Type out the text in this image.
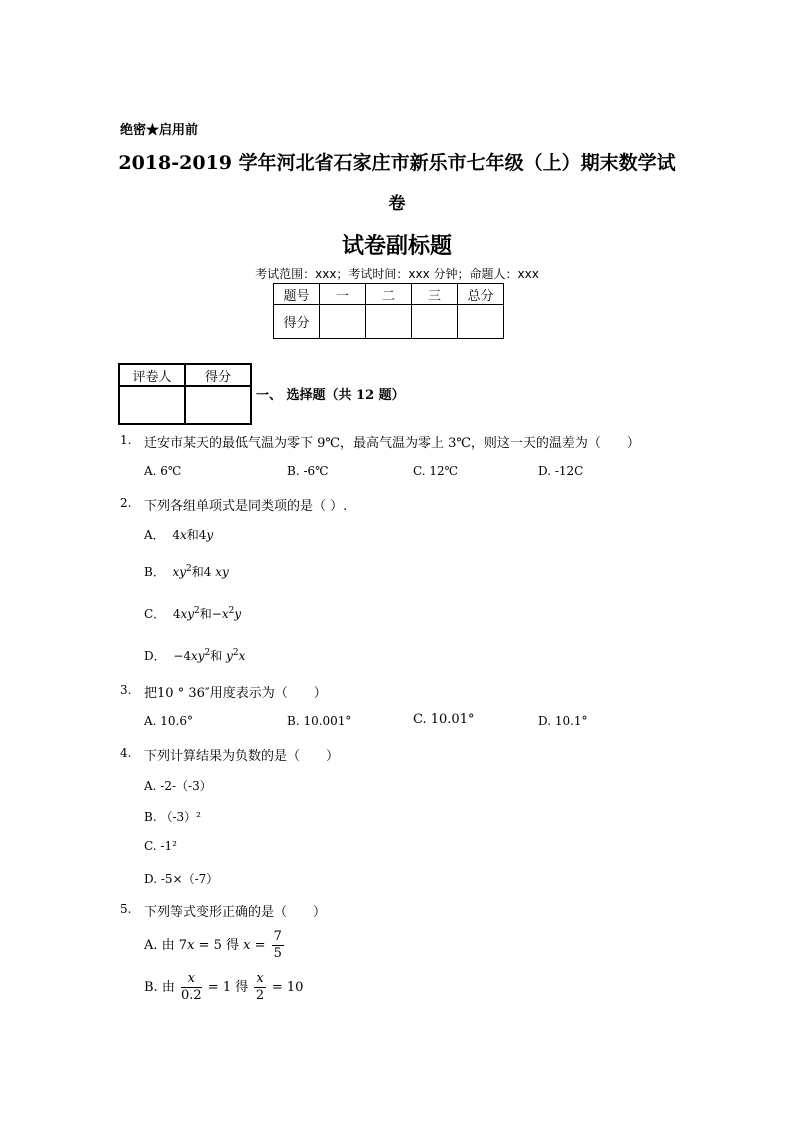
绝密★启用前
2018-2019 学年河北省石家庄市新乐市七年级（上）期末数学试
卷
试卷副标题
考试范围：xxx；考试时间：xxx 分钟；命题人：xxx
题号	一	二	三	总分
得分				
评卷人	得分

一、 选择题（共 12 题）
1. 迁安市某天的最低气温为零下 9℃，最高气温为零上 3℃，则这一天的温差为（　　）
A. 6℃	B. -6℃	C. 12℃	D. -12C
2. 下列各组单项式是同类项的是（ ）.
A． 4x和4y
B． $xy^2$和4 xy
C． $4xy^2$和$-x^2y$
D． $-4xy^2$和 $y^2x$
3. 把10 ° 36″用度表示为（　　）
A. 10.6°	B. 10.001°	C. 10.01°	D. 10.1°
4. 下列计算结果为负数的是（　　）
A. -2-（-3）
B. （-3）²
C. -1²
D. -5×（-7）
5. 下列等式变形正确的是（　　）
A. 由 7x = 5 得 $x = \frac{7}{5}$
B. 由 $\frac{x}{0.2} = 1$ 得 $\frac{x}{2} = 10$
